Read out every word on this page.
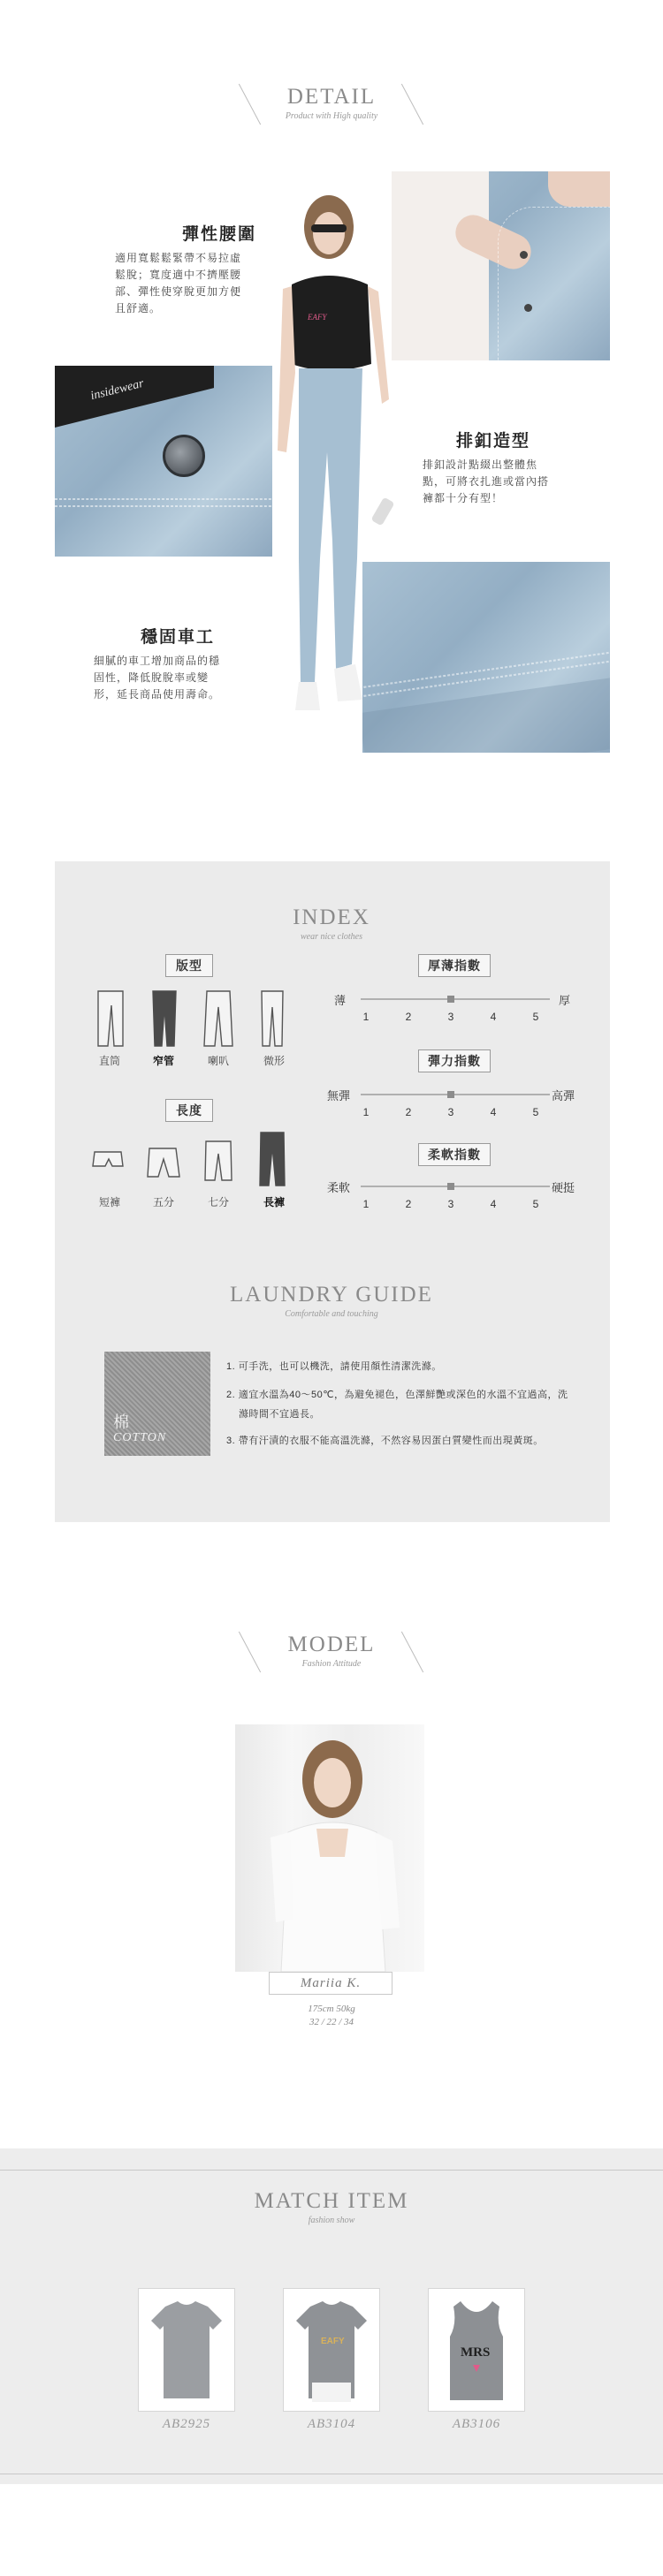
DETAIL
Product with High quality
EAFY
insidewear
彈性腰圍
適用寬鬆鬆緊帶不易拉虛
鬆脫；寬度適中不擠壓腰
部、彈性使穿脫更加方便
且舒適。
排釦造型
排釦設計點綴出整體焦
點，可將衣扎進或當內搭
褲都十分有型！
穩固車工
細膩的車工增加商品的穩
固性，降低脫脫率或變
形，延長商品使用壽命。
INDEX
wear nice clothes
版型
直筒	窄管	喇叭	微形
長度
短褲	五分	七分	長褲
厚薄指數
薄	厚
1	2	3	4	5
彈力指數
無彈	高彈
1	2	3	4	5
柔軟指數
柔軟	硬挺
1	2	3	4	5
LAUNDRY GUIDE
Comfortable and touching
棉
COTTON
1. 可手洗，也可以機洗，請使用顏性清潔洗滌。
2. 適宜水溫為40～50℃，為避免褪色，色澤鮮艷或深色的水溫不宜過高，洗
滌時間不宜過長。
3. 帶有汗漬的衣服不能高溫洗滌，不然容易因蛋白質變性而出現黃斑。
MODEL
Fashion Attitude
Mariia K.
175cm 50kg
32 / 22 / 34
MATCH ITEM
fashion show
AB2925
EAFY
AB3104
MRS
AB3106
